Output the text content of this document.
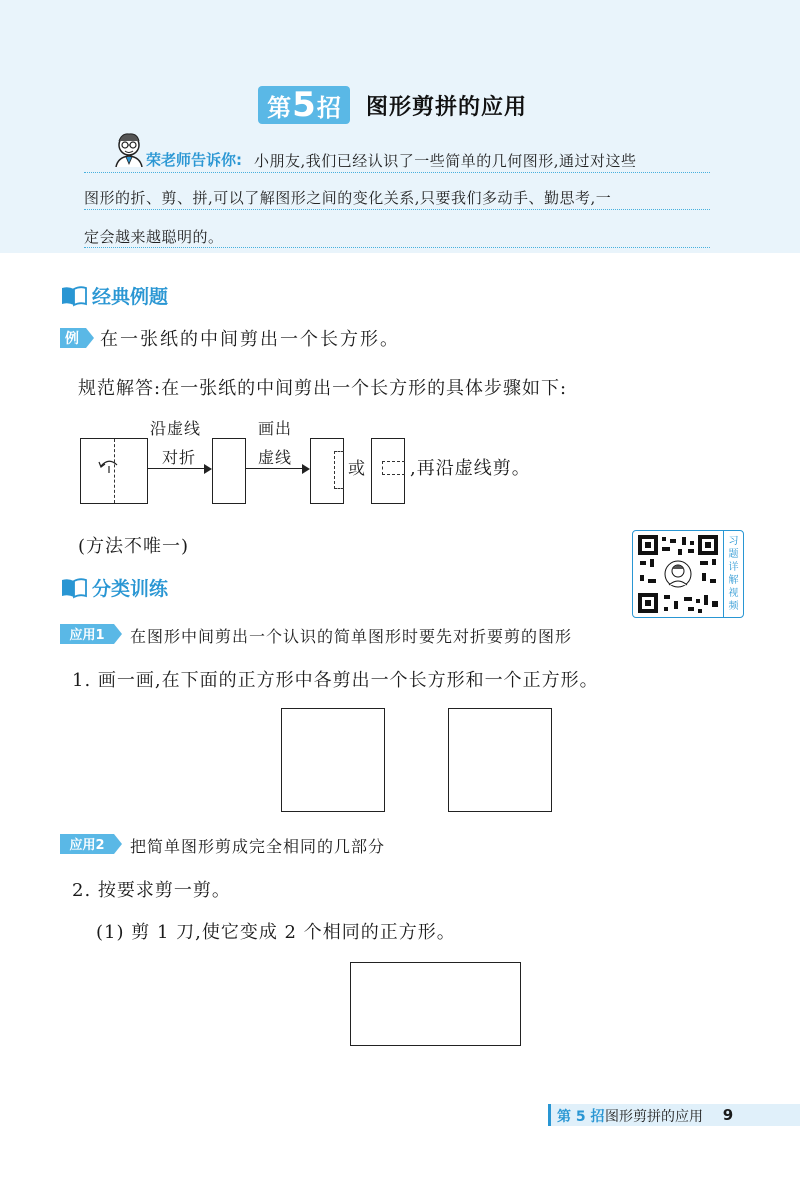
第 5 招 图形剪拼的应用
荣老师告诉你: 小朋友,我们已经认识了一些简单的几何图形,通过对这些
图形的折、剪、拼,可以了解图形之间的变化关系,只要我们多动手、勤思考,一
定会越来越聪明的。
经典例题
例 在一张纸的中间剪出一个长方形。
规范解答:在一张纸的中间剪出一个长方形的具体步骤如下:
沿虚线
对折
画出
虚线
或 ,再沿虚线剪。
(方法不唯一)	习
题
详
解
视
频
分类训练
应用1 在图形中间剪出一个认识的简单图形时要先对折要剪的图形
1. 画一画,在下面的正方形中各剪出一个长方形和一个正方形。
应用2 把简单图形剪成完全相同的几部分
2. 按要求剪一剪。
(1) 剪 1 刀,使它变成 2 个相同的正方形。
第 5 招 图形剪拼的应用	9
